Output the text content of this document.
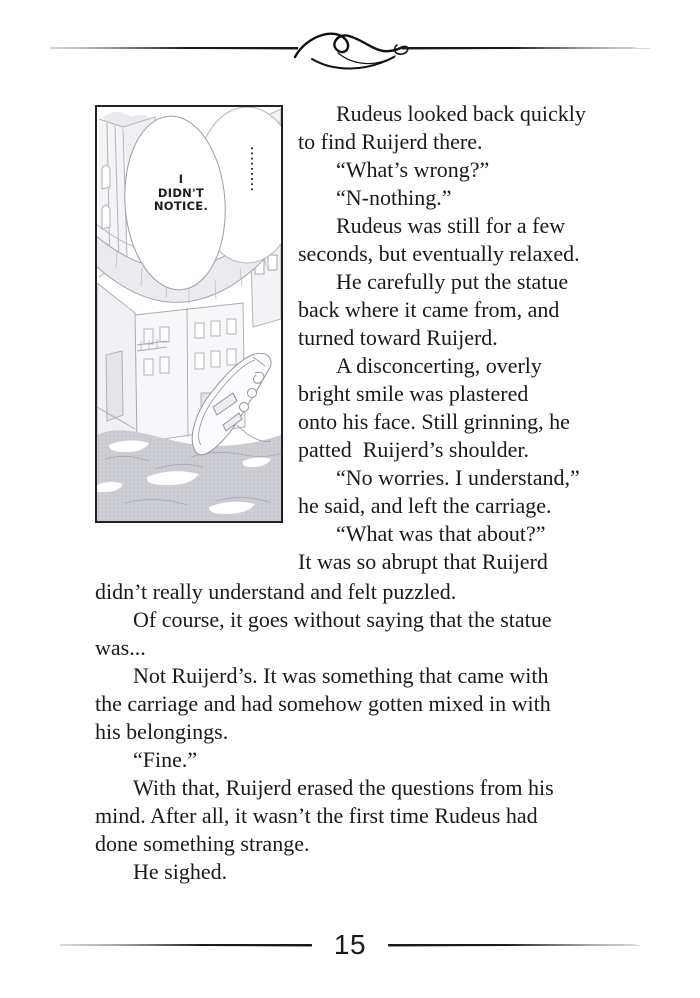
I
DIDN'T
NOTICE.
·········
Rudeus looked back quickly
to find Ruijerd there.
“What’s wrong?”
“N-nothing.”
Rudeus was still for a few
seconds, but eventually relaxed.
He carefully put the statue
back where it came from, and
turned toward Ruijerd.
A disconcerting, overly
bright smile was plastered
onto his face. Still grinning, he
patted  Ruijerd’s shoulder.
“No worries. I understand,”
he said, and left the carriage.
“What was that about?”
It was so abrupt that Ruijerd
didn’t really understand and felt puzzled.
Of course, it goes without saying that the statue
was...
Not Ruijerd’s. It was something that came with
the carriage and had somehow gotten mixed in with
his belongings.
“Fine.”
With that, Ruijerd erased the questions from his
mind. After all, it wasn’t the first time Rudeus had
done something strange.
He sighed.
15
